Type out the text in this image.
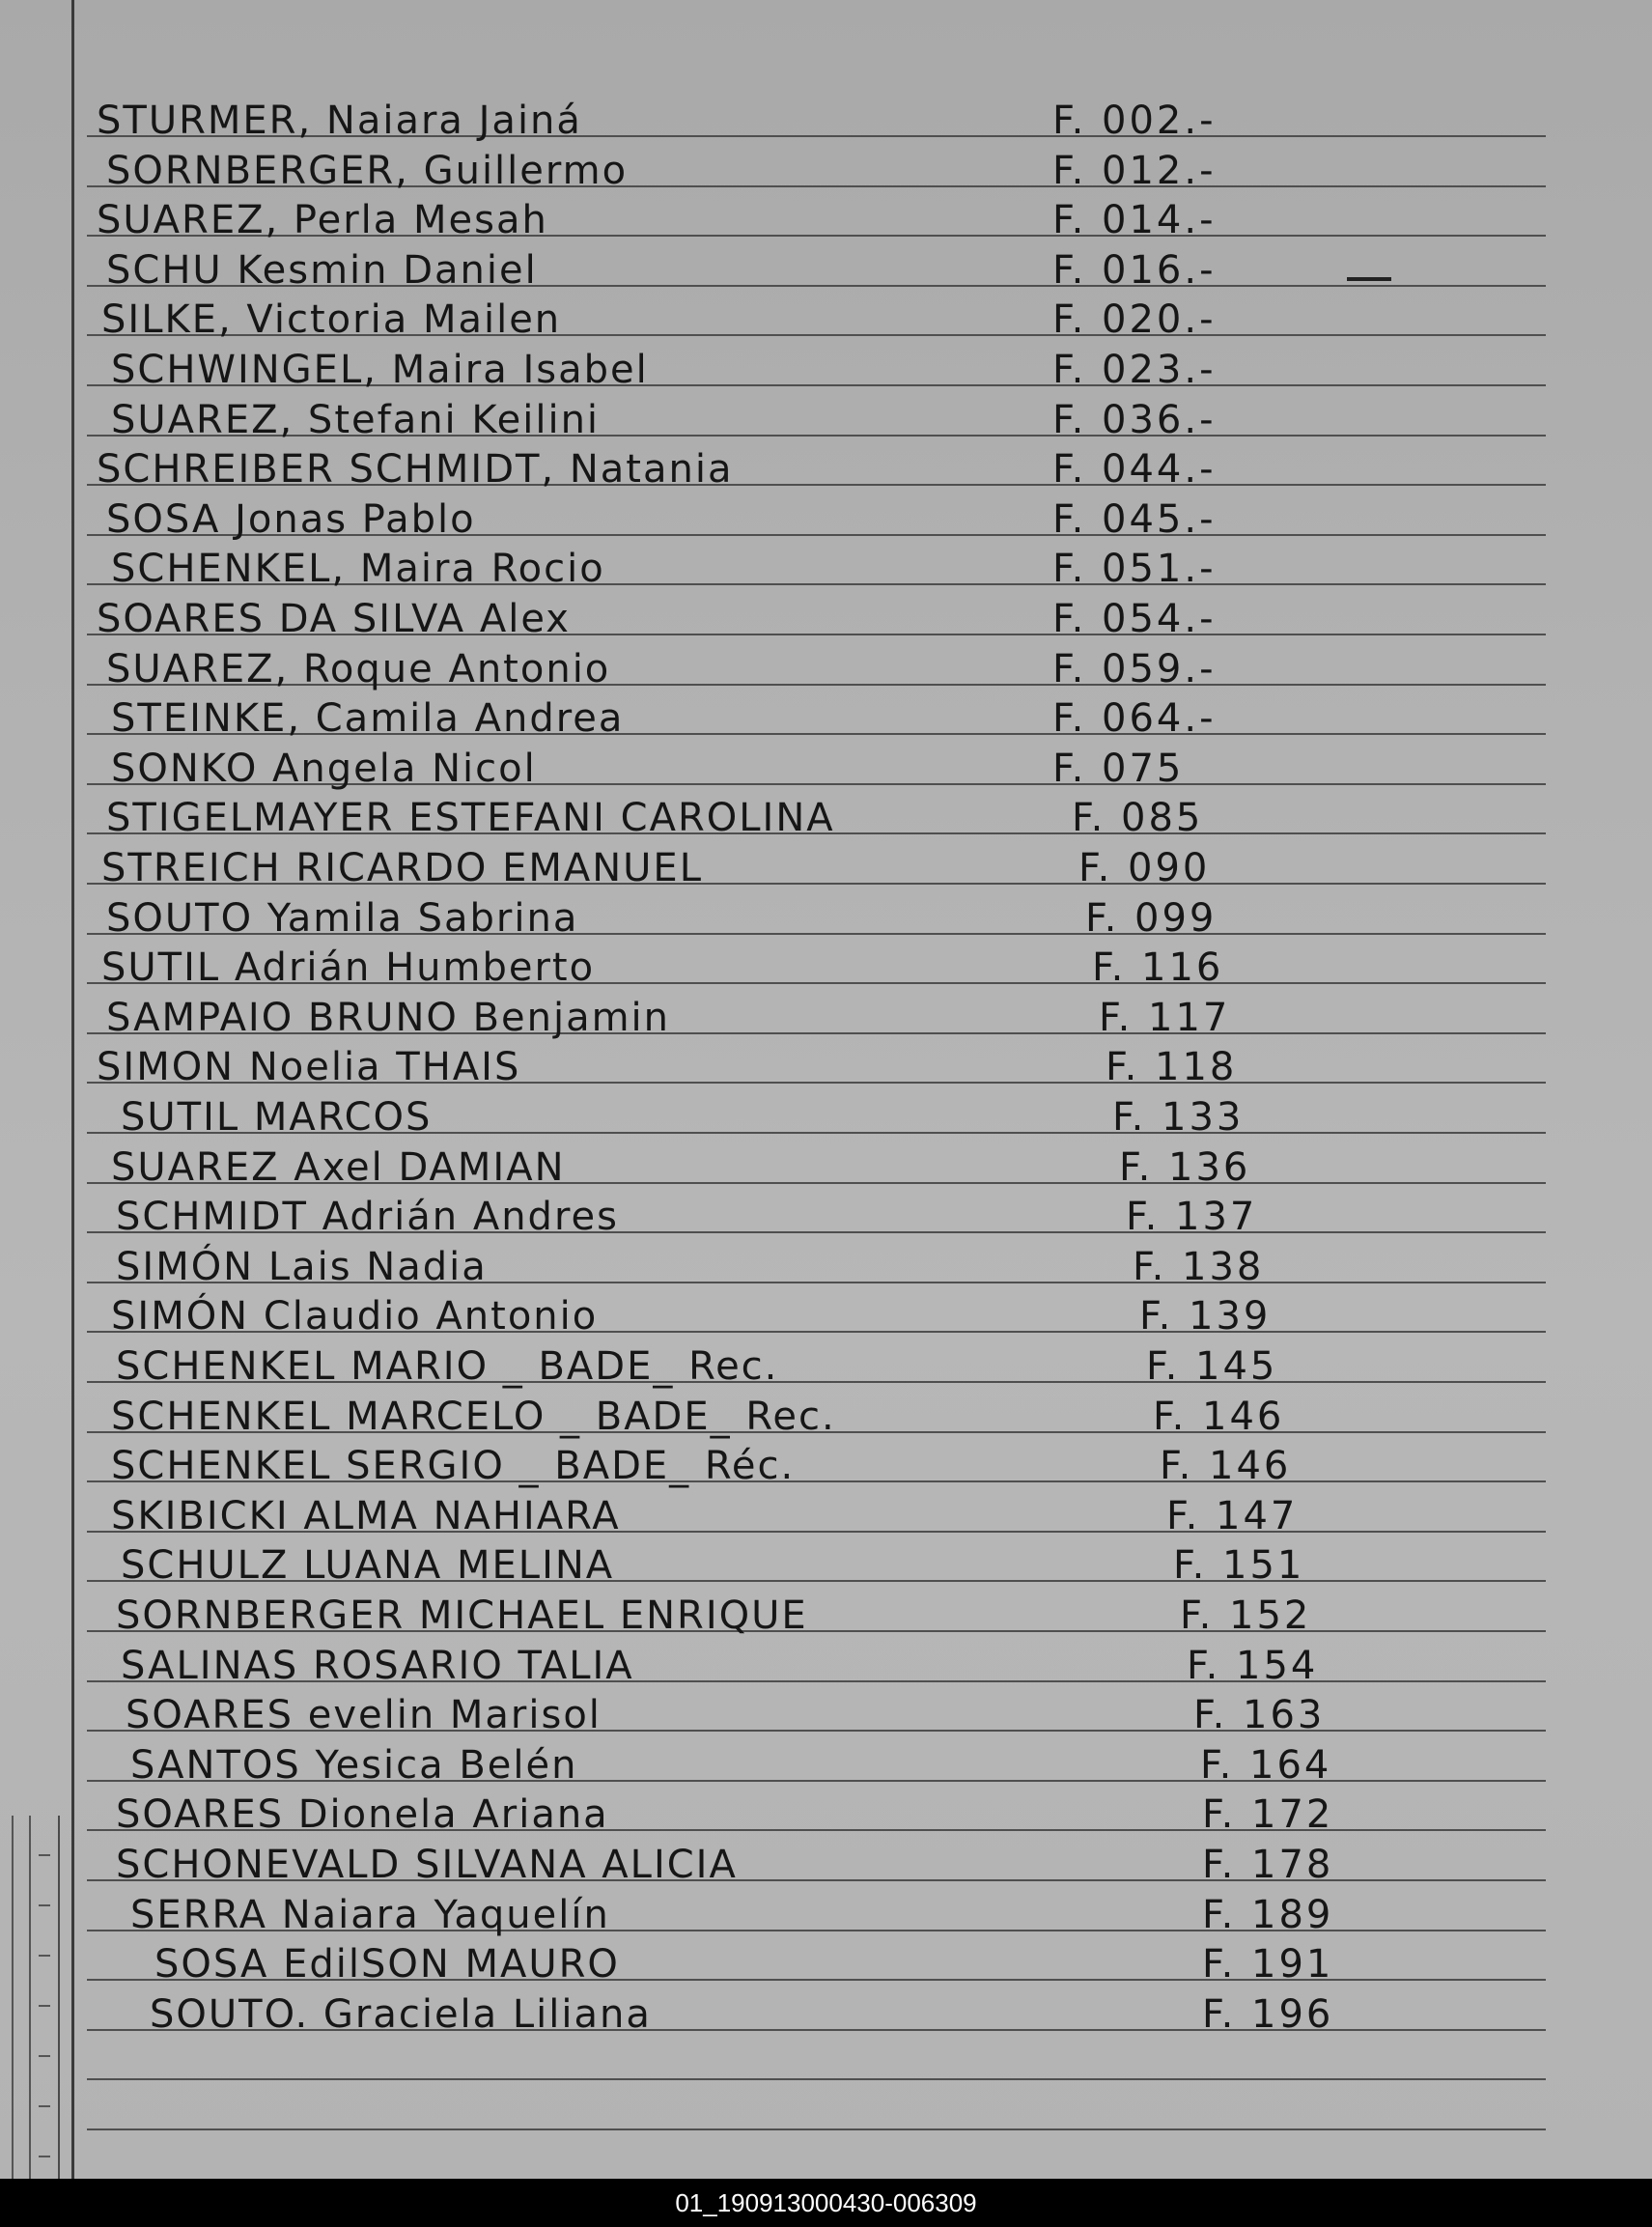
STURMER, Naiara Jainá	F. 002.-
SORNBERGER, Guillermo	F. 012.-
SUAREZ, Perla Mesah	F. 014.-
SCHU Kesmin Daniel	F. 016.-
SILKE, Victoria Mailen	F. 020.-
SCHWINGEL, Maira Isabel	F. 023.-
SUAREZ, Stefani Keilini	F. 036.-
SCHREIBER SCHMIDT, Natania	F. 044.-
SOSA Jonas Pablo	F. 045.-
SCHENKEL, Maira Rocio	F. 051.-
SOARES DA SILVA Alex	F. 054.-
SUAREZ, Roque Antonio	F. 059.-
STEINKE, Camila Andrea	F. 064.-
SONKO Angela Nicol	F. 075
STIGELMAYER ESTEFANI CAROLINA	F. 085
STREICH RICARDO EMANUEL	F. 090
SOUTO Yamila Sabrina	F. 099
SUTIL Adrián Humberto	F. 116
SAMPAIO BRUNO Benjamin	F. 117
SIMON Noelia THAIS	F. 118
SUTIL MARCOS	F. 133
SUAREZ Axel DAMIAN	F. 136
SCHMIDT Adrián Andres	F. 137
SIMÓN Lais Nadia	F. 138
SIMÓN Claudio Antonio	F. 139
SCHENKEL MARIO _ BADE_ Rec.	F. 145
SCHENKEL MARCELO _ BADE_ Rec.	F. 146
SCHENKEL SERGIO _ BADE_ Réc.	F. 146
SKIBICKI ALMA NAHIARA	F. 147
SCHULZ LUANA MELINA	F. 151
SORNBERGER MICHAEL ENRIQUE	F. 152
SALINAS ROSARIO TALIA	F. 154
SOARES evelin Marisol	F. 163
SANTOS Yesica Belén	F. 164
SOARES Dionela Ariana	F. 172
SCHONEVALD SILVANA ALICIA	F. 178
SERRA Naiara Yaquelín	F. 189
SOSA EdilSON MAURO	F. 191
SOUTO. Graciela Liliana	F. 196
01_190913000430-006309
